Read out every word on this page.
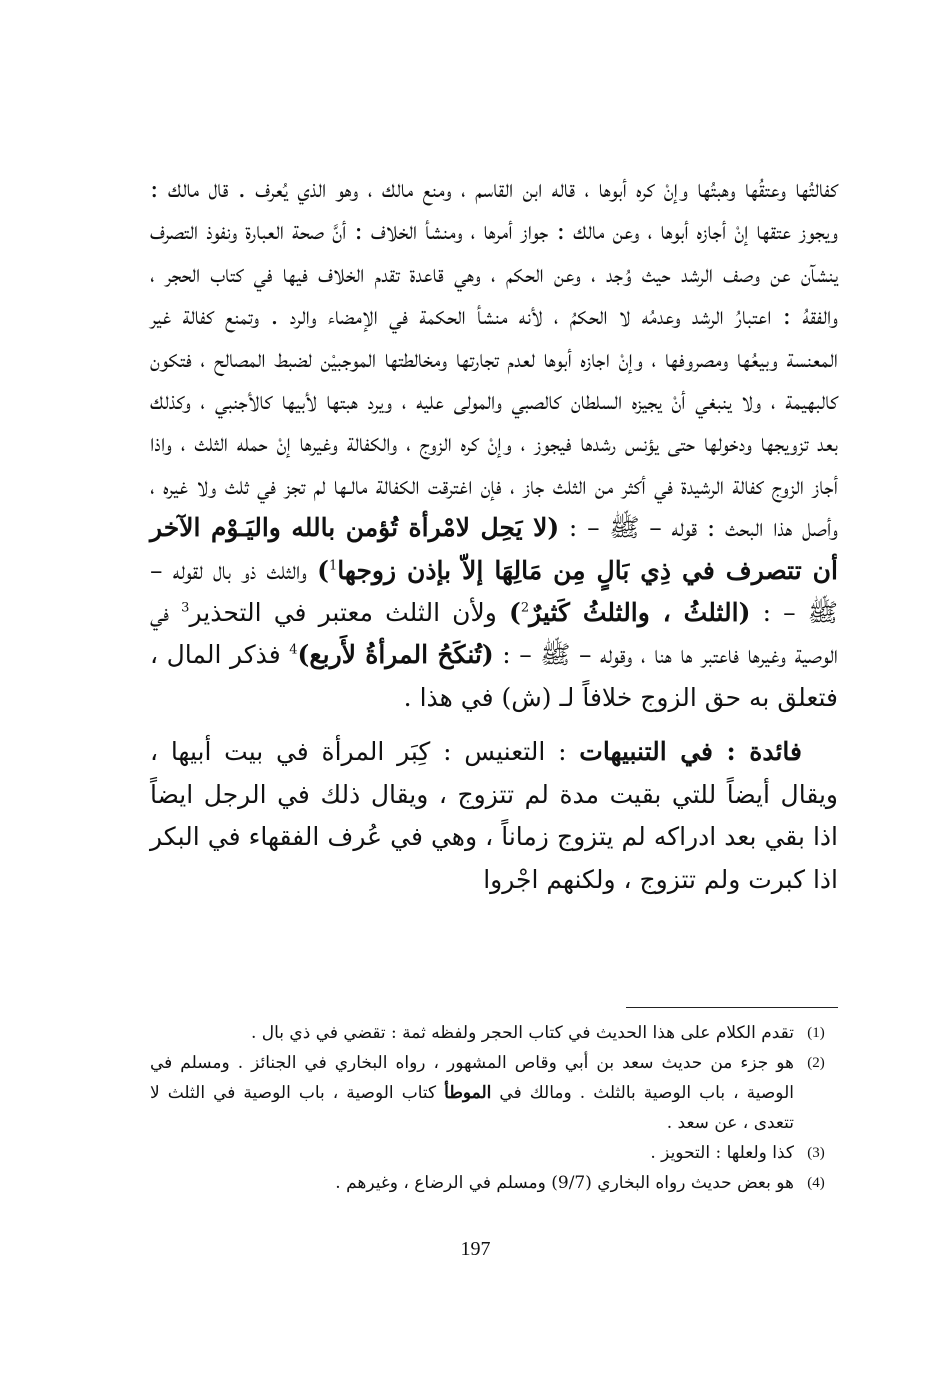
كفالتُها وعتقُها وهبتُها وإنْ كره أبوها ، قاله ابن القاسم ، ومنع مالك ، وهو الذي يُعرف . قال مالك : ويجوز عتقها إنْ أجازه أبوها ، وعن مالك : جواز أمرها ، ومنشأ الخلاف : أنَّ صحة العبارة ونفوذ التصرف ينشآن عن وصف الرشد حيث وُجد ، وعن الحكم ، وهي قاعدة تقدم الخلاف فيها في كتاب الحجر ، والفقهُ : اعتبارُ الرشد وعدمُه لا الحكمُ ، لأنه منشأ الحكمة في الإمضاء والرد . وتمنع كفالة غير المعنسة وبيعُها ومصروفها ، وإنْ اجازه أبوها لعدم تجارتها ومخالطتها الموجبيْن لضبط المصالح ، فتكون كالبهيمة ، ولا ينبغي أنْ يجيزه السلطان كالصبي والمولى عليه ، ويرد هبتها لأبيها كالأجنبي ، وكذلك بعد تزويجها ودخولها حتى يؤنس رشدها فيجوز ، وإنْ كره الزوج ، والكفالة وغيرها إنْ حمله الثلث ، واذا أجاز الزوج كفالة الرشيدة في أكثر من الثلث جاز ، فإن اغترقت الكفالة مالـها لم تجز في ثلث ولا غيره ، وأصل هذا البحث : قوله – ﷺ – : (لا يَحِل لامْرأة تُؤمن بالله واليَـوْم الآخر أن تتصرف في ذِي بَالٍ مِن مَالِهَا إلاّ بإذن زوجها$^1$) والثلث ذو بال لقوله – ﷺ – : (الثلثُ ، والثلثُ كَثيرٌ$^2$) ولأن الثلث معتبر في التحذير$^3$ في الوصية وغيرها فاعتبر ها هنا ، وقوله – ﷺ – : (تُنكَحُ المرأةُ لأَربع)$^4$ فذكر المال ، فتعلق به حق الزوج خلافاً لـ (ش) في هذا .

فائدة : في التنبيهات : التعنيس : كِبَر المرأة في بيت أبيها ، ويقال أيضاً للتي بقيت مدة لم تتزوج ، ويقال ذلك في الرجل ايضاً اذا بقي بعد ادراكه لم يتزوج زماناً ، وهي في عُرف الفقهاء في البكر اذا كبرت ولم تتزوج ، ولكنهم اجْروا

(1)
تقدم الكلام على هذا الحديث في كتاب الحجر ولفظه ثمة : تقضي في ذي بال .
(2)
هو جزء من حديث سعد بن أبي وقاص المشهور ، رواه البخاري في الجنائز . ومسلم في الوصية ، باب الوصية بالثلث . ومالك في الموطأ كتاب الوصية ، باب الوصية في الثلث لا تتعدى ، عن سعد .
(3)
كذا ولعلها : التحويز .
(4)
هو بعض حديث رواه البخاري (9/7) ومسلم في الرضاع ، وغيرهم .
197
